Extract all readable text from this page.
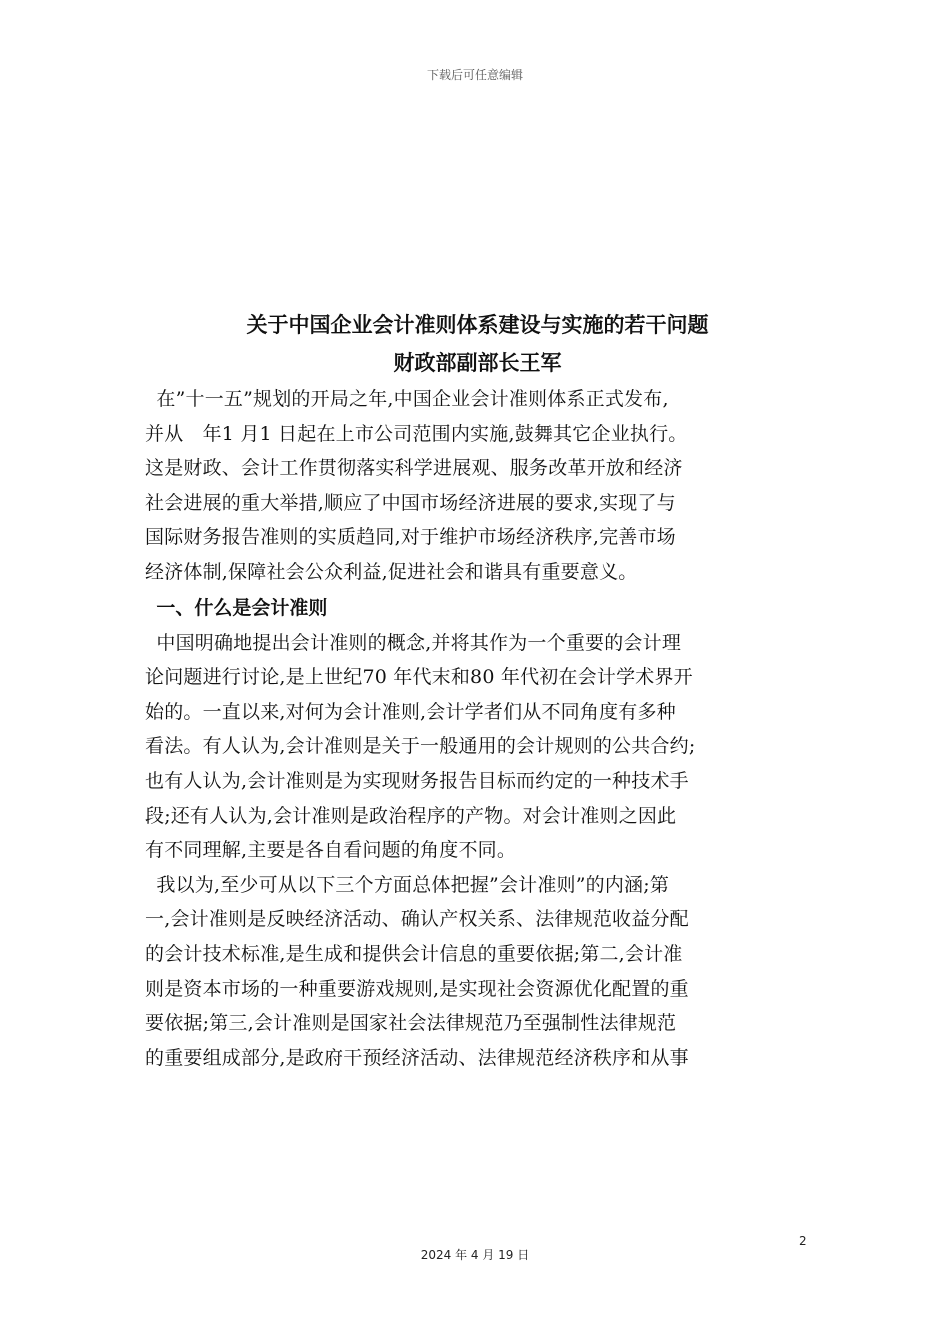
下载后可任意编辑
关于中国企业会计准则体系建设与实施的若干问题
财政部副部长王军

在”十一五”规划的开局之年,中国企业会计准则体系正式发布,
并从　年1 月1 日起在上市公司范围内实施,鼓舞其它企业执行。
这是财政、会计工作贯彻落实科学进展观、服务改革开放和经济
社会进展的重大举措,顺应了中国市场经济进展的要求,实现了与
国际财务报告准则的实质趋同,对于维护市场经济秩序,完善市场
经济体制,保障社会公众利益,促进社会和谐具有重要意义。

一、什么是会计准则

中国明确地提出会计准则的概念,并将其作为一个重要的会计理
论问题进行讨论,是上世纪70 年代末和80 年代初在会计学术界开
始的。一直以来,对何为会计准则,会计学者们从不同角度有多种
看法。有人认为,会计准则是关于一般通用的会计规则的公共合约;
也有人认为,会计准则是为实现财务报告目标而约定的一种技术手
段;还有人认为,会计准则是政治程序的产物。对会计准则之因此
有不同理解,主要是各自看问题的角度不同。

我以为,至少可从以下三个方面总体把握”会计准则”的内涵;第
一,会计准则是反映经济活动、确认产权关系、法律规范收益分配
的会计技术标准,是生成和提供会计信息的重要依据;第二,会计准
则是资本市场的一种重要游戏规则,是实现社会资源优化配置的重
要依据;第三,会计准则是国家社会法律规范乃至强制性法律规范
的重要组成部分,是政府干预经济活动、法律规范经济秩序和从事

2
2024 年 4 月 19 日
